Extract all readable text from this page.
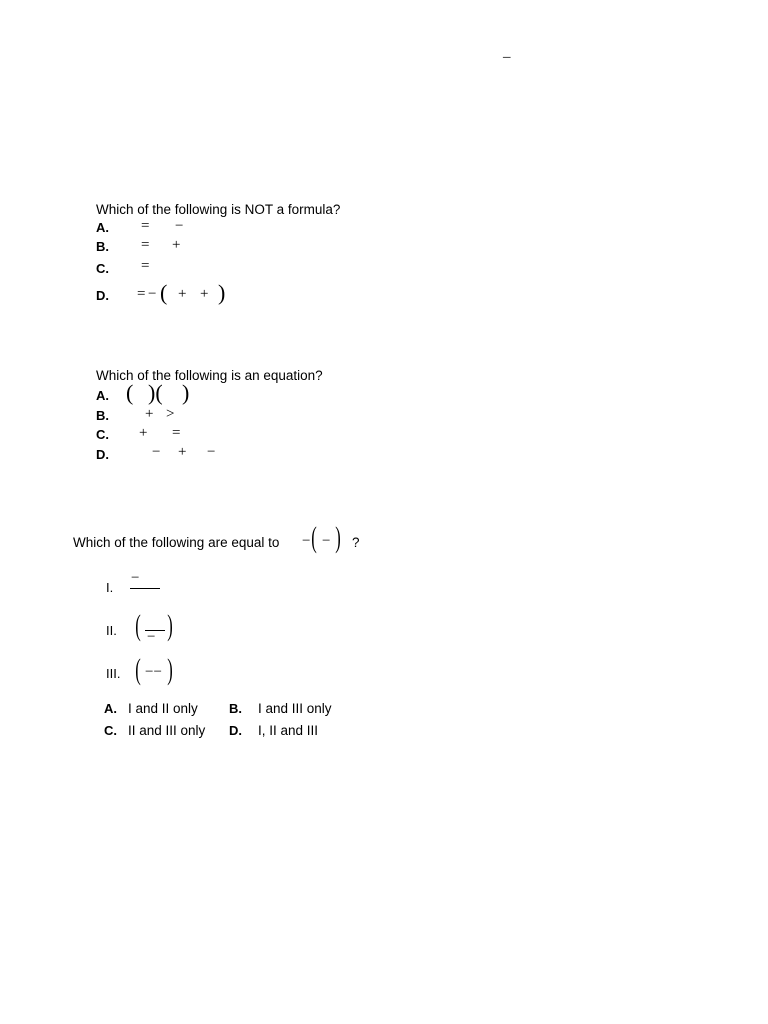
–
Which of the following is NOT a formula?
A. = −
B. = +
C. =
D. = − ( + + )
Which of the following is an equation?
A. ( )( )
B. + >
C. + =
D.	− + −
Which of the following are equal to − ( − ) ?
I.
−
II. ( − )
III. ( −− )
A. I and II only B. I and III only
C. II and III only D. I, II and III
